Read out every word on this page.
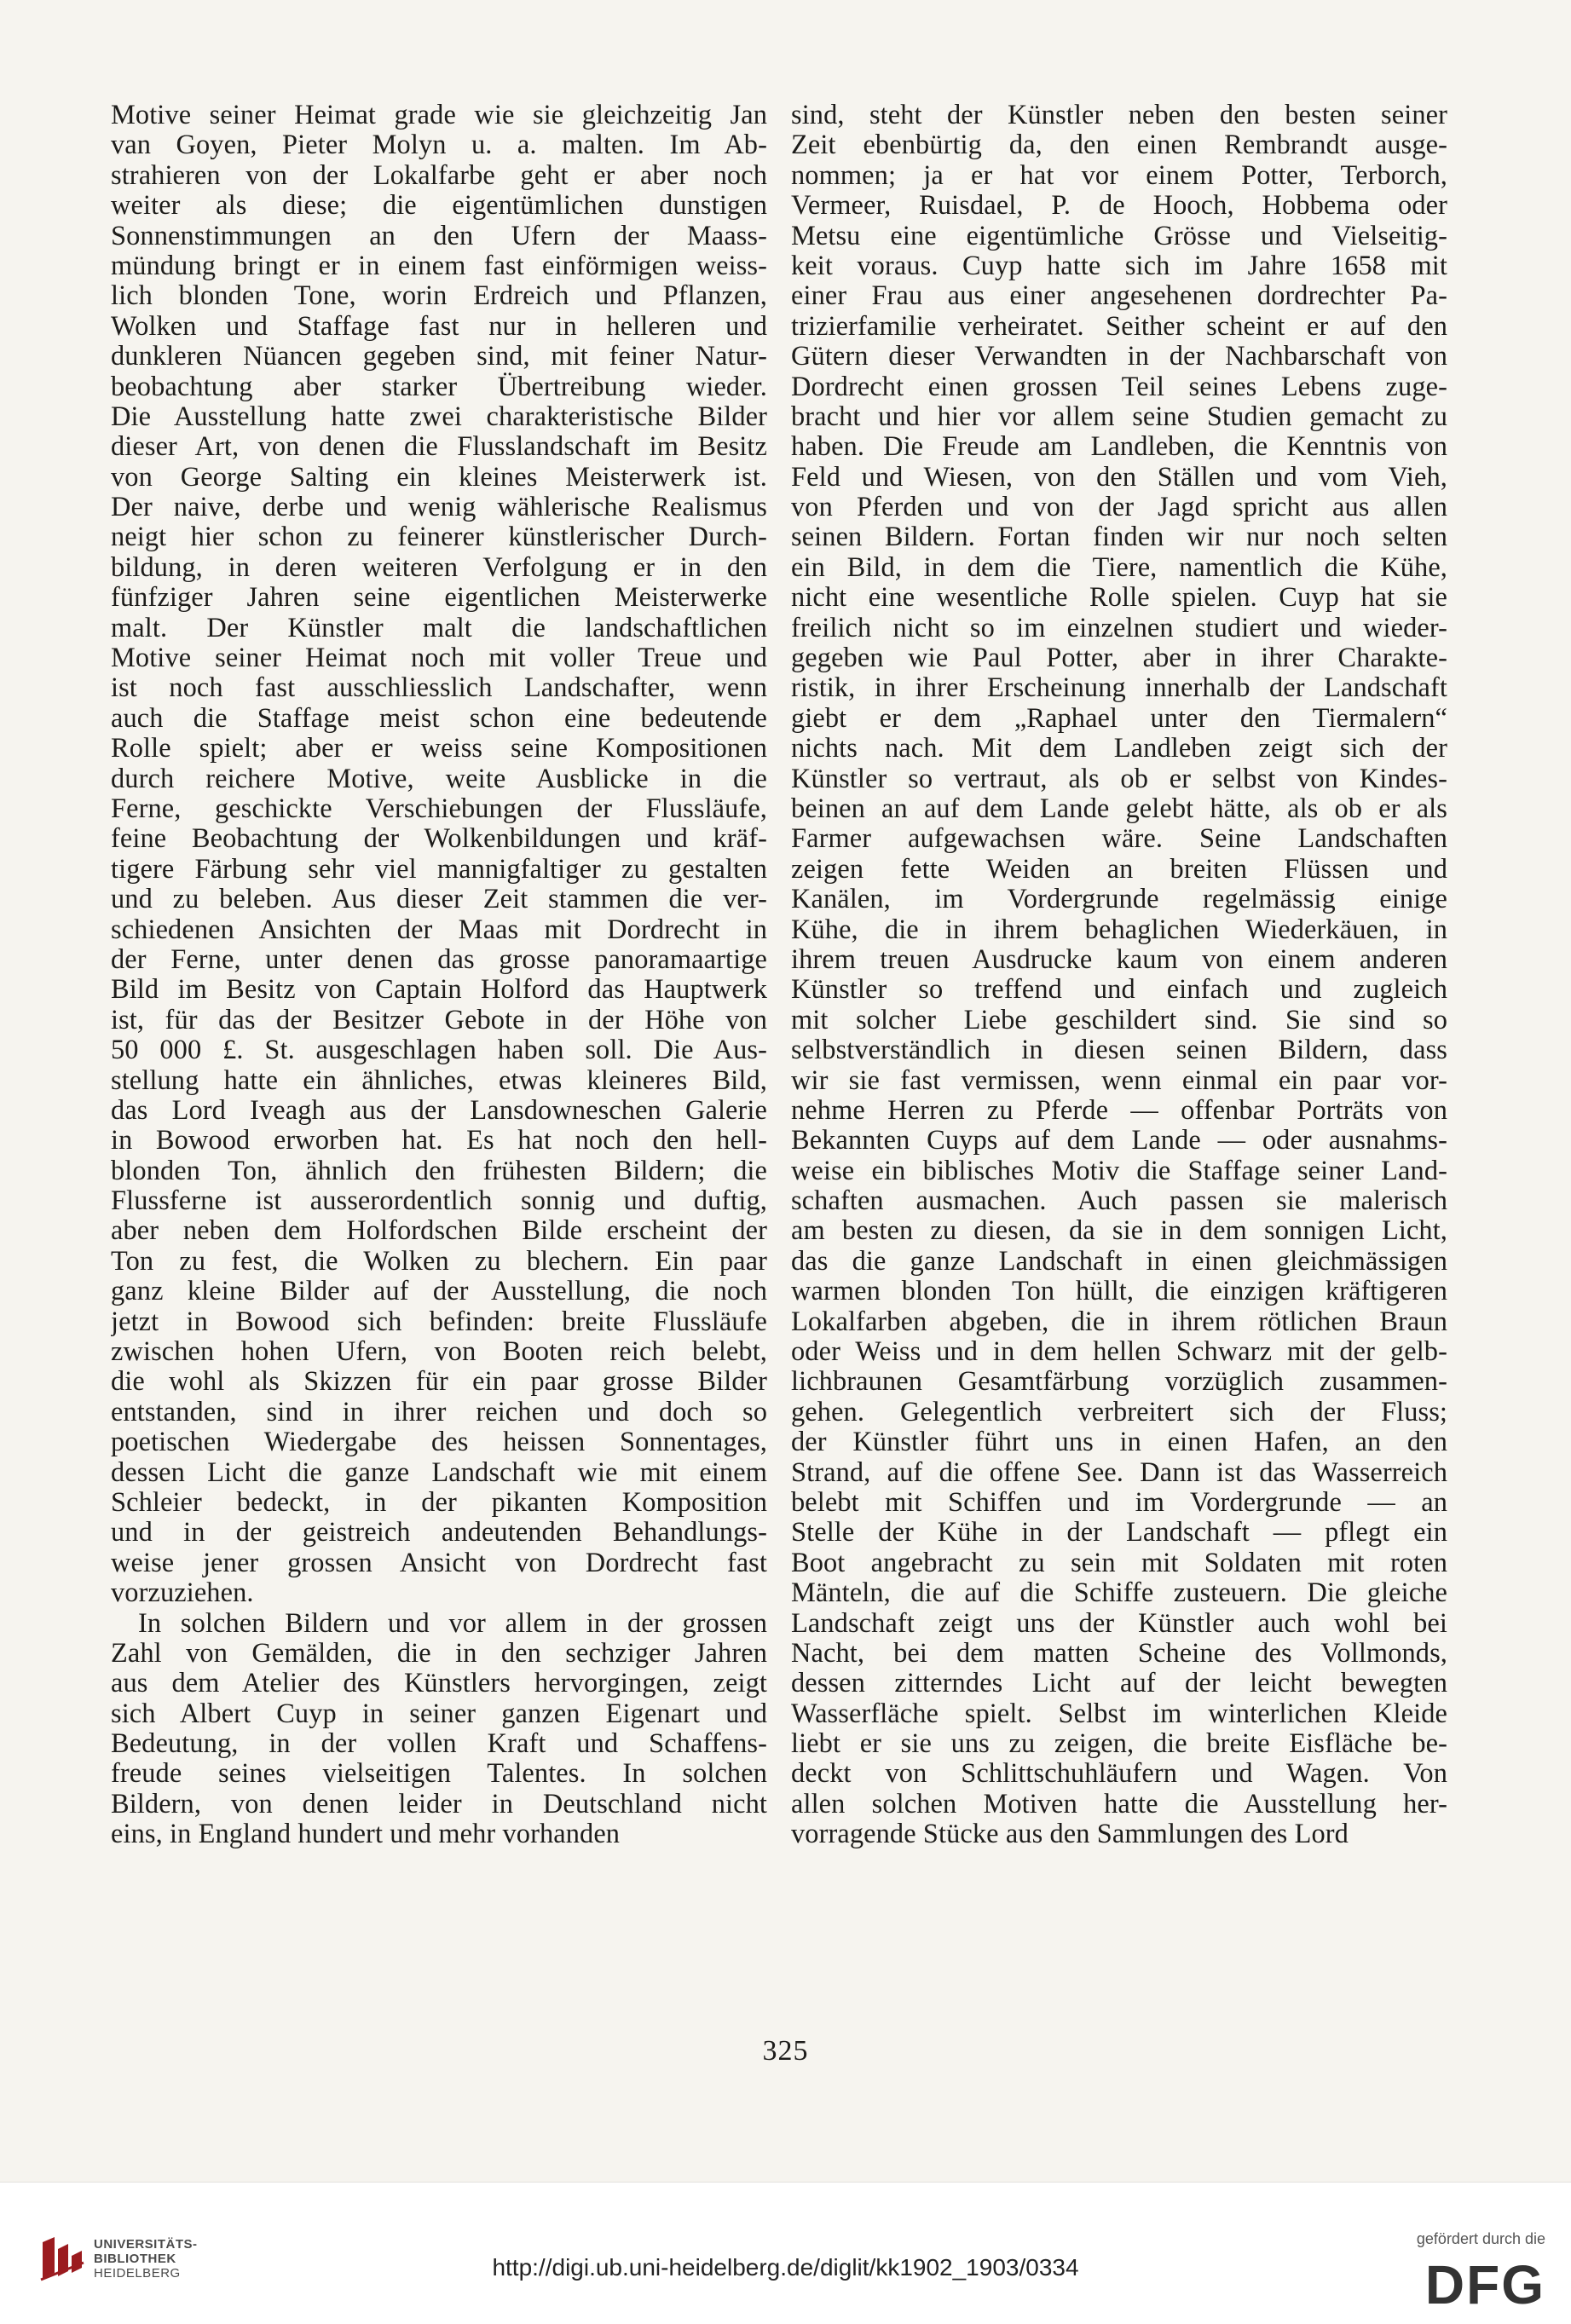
Motive seiner Heimat grade wie sie gleichzeitig Jan
van Goyen, Pieter Molyn u. a. malten. Im Ab-
strahieren von der Lokalfarbe geht er aber noch
weiter als diese; die eigentümlichen dunstigen
Sonnenstimmungen an den Ufern der Maass-
mündung bringt er in einem fast einförmigen weiss-
lich blonden Tone, worin Erdreich und Pflanzen,
Wolken und Staffage fast nur in helleren und
dunkleren Nüancen gegeben sind, mit feiner Natur-
beobachtung aber starker Übertreibung wieder.
Die Ausstellung hatte zwei charakteristische Bilder
dieser Art, von denen die Flusslandschaft im Besitz
von George Salting ein kleines Meisterwerk ist.
Der naive, derbe und wenig wählerische Realismus
neigt hier schon zu feinerer künstlerischer Durch-
bildung, in deren weiteren Verfolgung er in den
fünfziger Jahren seine eigentlichen Meisterwerke
malt. Der Künstler malt die landschaftlichen
Motive seiner Heimat noch mit voller Treue und
ist noch fast ausschliesslich Landschafter, wenn
auch die Staffage meist schon eine bedeutende
Rolle spielt; aber er weiss seine Kompositionen
durch reichere Motive, weite Ausblicke in die
Ferne, geschickte Verschiebungen der Flussläufe,
feine Beobachtung der Wolkenbildungen und kräf-
tigere Färbung sehr viel mannigfaltiger zu gestalten
und zu beleben. Aus dieser Zeit stammen die ver-
schiedenen Ansichten der Maas mit Dordrecht in
der Ferne, unter denen das grosse panoramaartige
Bild im Besitz von Captain Holford das Hauptwerk
ist, für das der Besitzer Gebote in der Höhe von
50 000 £. St. ausgeschlagen haben soll. Die Aus-
stellung hatte ein ähnliches, etwas kleineres Bild,
das Lord Iveagh aus der Lansdowneschen Galerie
in Bowood erworben hat. Es hat noch den hell-
blonden Ton, ähnlich den frühesten Bildern; die
Flussferne ist ausserordentlich sonnig und duftig,
aber neben dem Holfordschen Bilde erscheint der
Ton zu fest, die Wolken zu blechern. Ein paar
ganz kleine Bilder auf der Ausstellung, die noch
jetzt in Bowood sich befinden: breite Flussläufe
zwischen hohen Ufern, von Booten reich belebt,
die wohl als Skizzen für ein paar grosse Bilder
entstanden, sind in ihrer reichen und doch so
poetischen Wiedergabe des heissen Sonnentages,
dessen Licht die ganze Landschaft wie mit einem
Schleier bedeckt, in der pikanten Komposition
und in der geistreich andeutenden Behandlungs-
weise jener grossen Ansicht von Dordrecht fast
vorzuziehen.
In solchen Bildern und vor allem in der grossen
Zahl von Gemälden, die in den sechziger Jahren
aus dem Atelier des Künstlers hervorgingen, zeigt
sich Albert Cuyp in seiner ganzen Eigenart und
Bedeutung, in der vollen Kraft und Schaffens-
freude seines vielseitigen Talentes. In solchen
Bildern, von denen leider in Deutschland nicht
eins, in England hundert und mehr vorhanden
sind, steht der Künstler neben den besten seiner
Zeit ebenbürtig da, den einen Rembrandt ausge-
nommen; ja er hat vor einem Potter, Terborch,
Vermeer, Ruisdael, P. de Hooch, Hobbema oder
Metsu eine eigentümliche Grösse und Vielseitig-
keit voraus. Cuyp hatte sich im Jahre 1658 mit
einer Frau aus einer angesehenen dordrechter Pa-
trizierfamilie verheiratet. Seither scheint er auf den
Gütern dieser Verwandten in der Nachbarschaft von
Dordrecht einen grossen Teil seines Lebens zuge-
bracht und hier vor allem seine Studien gemacht zu
haben. Die Freude am Landleben, die Kenntnis von
Feld und Wiesen, von den Ställen und vom Vieh,
von Pferden und von der Jagd spricht aus allen
seinen Bildern. Fortan finden wir nur noch selten
ein Bild, in dem die Tiere, namentlich die Kühe,
nicht eine wesentliche Rolle spielen. Cuyp hat sie
freilich nicht so im einzelnen studiert und wieder-
gegeben wie Paul Potter, aber in ihrer Charakte-
ristik, in ihrer Erscheinung innerhalb der Landschaft
giebt er dem „Raphael unter den Tiermalern“
nichts nach. Mit dem Landleben zeigt sich der
Künstler so vertraut, als ob er selbst von Kindes-
beinen an auf dem Lande gelebt hätte, als ob er als
Farmer aufgewachsen wäre. Seine Landschaften
zeigen fette Weiden an breiten Flüssen und
Kanälen, im Vordergrunde regelmässig einige
Kühe, die in ihrem behaglichen Wiederkäuen, in
ihrem treuen Ausdrucke kaum von einem anderen
Künstler so treffend und einfach und zugleich
mit solcher Liebe geschildert sind. Sie sind so
selbstverständlich in diesen seinen Bildern, dass
wir sie fast vermissen, wenn einmal ein paar vor-
nehme Herren zu Pferde — offenbar Porträts von
Bekannten Cuyps auf dem Lande — oder ausnahms-
weise ein biblisches Motiv die Staffage seiner Land-
schaften ausmachen. Auch passen sie malerisch
am besten zu diesen, da sie in dem sonnigen Licht,
das die ganze Landschaft in einen gleichmässigen
warmen blonden Ton hüllt, die einzigen kräftigeren
Lokalfarben abgeben, die in ihrem rötlichen Braun
oder Weiss und in dem hellen Schwarz mit der gelb-
lichbraunen Gesamtfärbung vorzüglich zusammen-
gehen. Gelegentlich verbreitert sich der Fluss;
der Künstler führt uns in einen Hafen, an den
Strand, auf die offene See. Dann ist das Wasserreich
belebt mit Schiffen und im Vordergrunde — an
Stelle der Kühe in der Landschaft — pflegt ein
Boot angebracht zu sein mit Soldaten mit roten
Mänteln, die auf die Schiffe zusteuern. Die gleiche
Landschaft zeigt uns der Künstler auch wohl bei
Nacht, bei dem matten Scheine des Vollmonds,
dessen zitterndes Licht auf der leicht bewegten
Wasserfläche spielt. Selbst im winterlichen Kleide
liebt er sie uns zu zeigen, die breite Eisfläche be-
deckt von Schlittschuhläufern und Wagen. Von
allen solchen Motiven hatte die Ausstellung her-
vorragende Stücke aus den Sammlungen des Lord
325
UNIVERSITÄTS-
BIBLIOTHEK
HEIDELBERG	http://digi.ub.uni-heidelberg.de/diglit/kk1902_1903/0334
gefördert durch die
DFG
